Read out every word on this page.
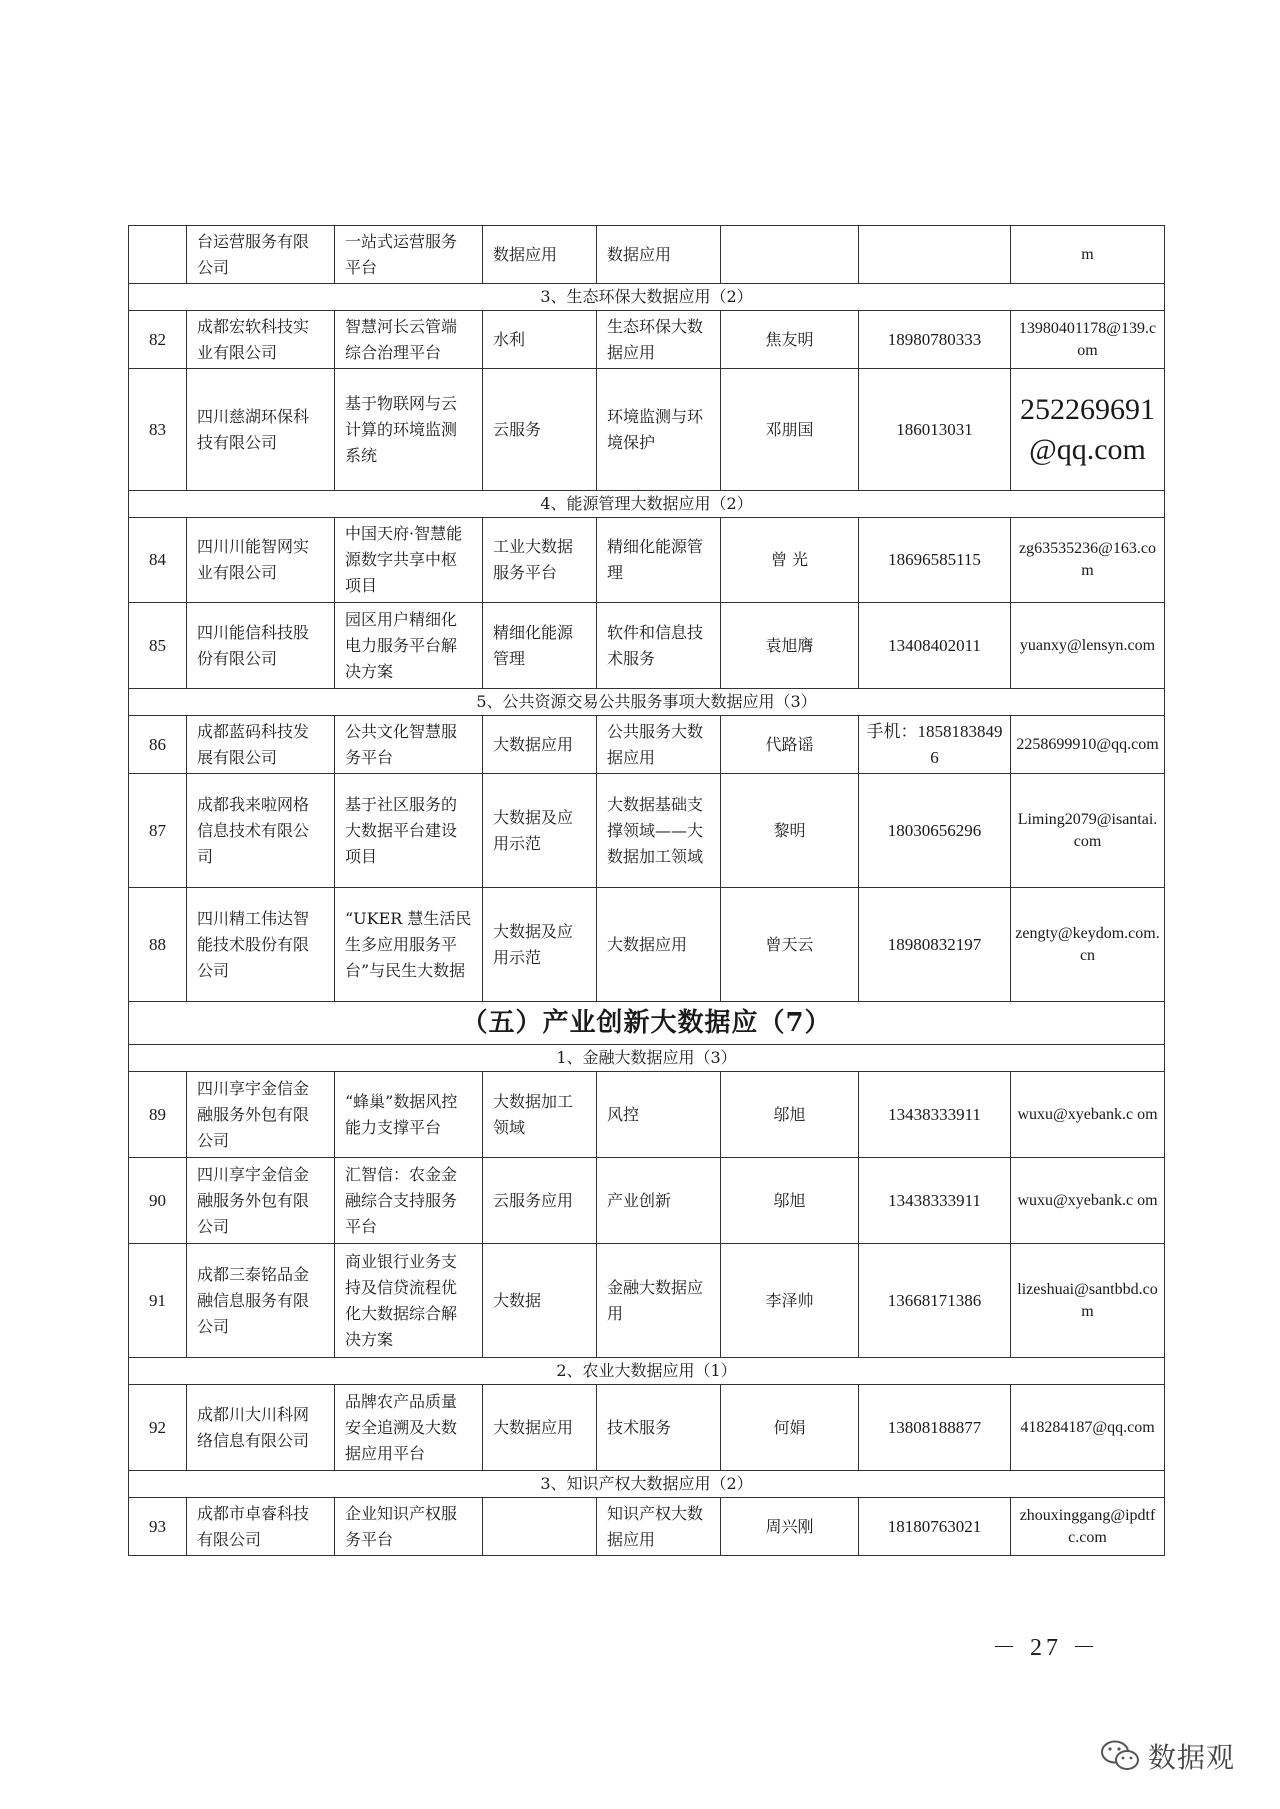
	台运营服务有限公司	一站式运营服务平台	数据应用	数据应用			m
3、生态环保大数据应用（2）							
82	成都宏软科技实业有限公司	智慧河长云管端综合治理平台	水利	生态环保大数据应用	焦友明	18980780333	13980401178@139.com
83	四川慈湖环保科技有限公司	基于物联网与云计算的环境监测系统	云服务	环境监测与环境保护	邓朋国	186013031	252269691@qq.com
4、能源管理大数据应用（2）							
84	四川川能智网实业有限公司	中国天府·智慧能源数字共享中枢项目	工业大数据服务平台	精细化能源管理	曾 光	18696585115	zg63535236@163.com
85	四川能信科技股份有限公司	园区用户精细化电力服务平台解决方案	精细化能源管理	软件和信息技术服务	袁旭膺	13408402011	yuanxy@lensyn.com
5、公共资源交易公共服务事项大数据应用（3）							
86	成都蓝码科技发展有限公司	公共文化智慧服务平台	大数据应用	公共服务大数据应用	代路谣	手机：18581838496	2258699910@qq.com
87	成都我来啦网格信息技术有限公司	基于社区服务的大数据平台建设项目	大数据及应用示范	大数据基础支撑领域——大数据加工领域	黎明	18030656296	Liming2079@isantai.com
88	四川精工伟达智能技术股份有限公司	“UKER 慧生活民生多应用服务平台”与民生大数据	大数据及应用示范	大数据应用	曾天云	18980832197	zengty@keydom.com.cn
（五）产业创新大数据应（7）							
1、金融大数据应用（3）							
89	四川享宇金信金融服务外包有限公司	“蜂巢”数据风控能力支撑平台	大数据加工领域	风控	邬旭	13438333911	wuxu@xyebank.c om
90	四川享宇金信金融服务外包有限公司	汇智信：农金金融综合支持服务平台	云服务应用	产业创新	邬旭	13438333911	wuxu@xyebank.c om
91	成都三泰铭品金融信息服务有限公司	商业银行业务支持及信贷流程优化大数据综合解决方案	大数据	金融大数据应用	李泽帅	13668171386	lizeshuai@santbbd.com
2、农业大数据应用（1）							
92	成都川大川科网络信息有限公司	品牌农产品质量安全追溯及大数据应用平台	大数据应用	技术服务	何娟	13808188877	418284187@qq.com
3、知识产权大数据应用（2）							
93	成都市卓睿科技有限公司	企业知识产权服务平台		知识产权大数据应用	周兴刚	18180763021	zhouxinggang@ipdtfc.com
－ 27 －
数据观
